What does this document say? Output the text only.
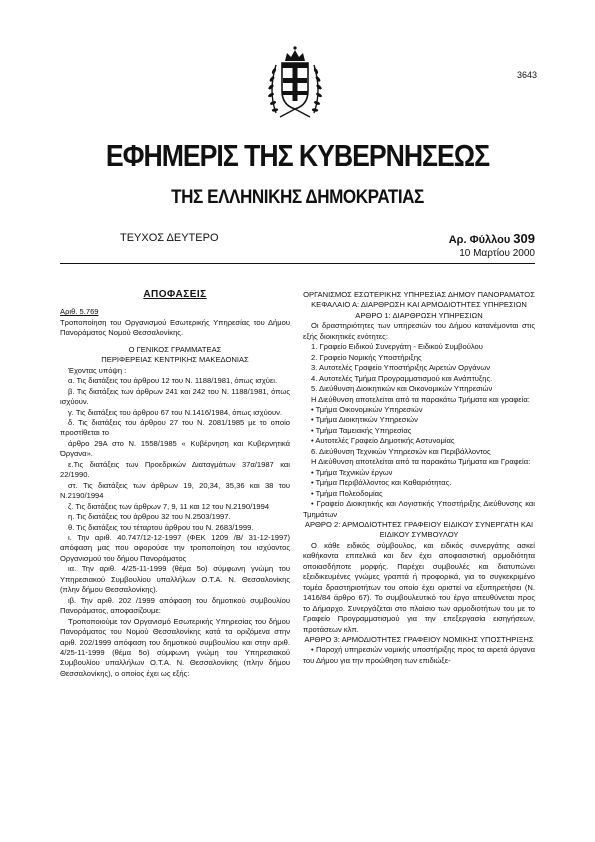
3643
ΕΦΗΜΕΡΙΣ ΤΗΣ ΚΥΒΕΡΝΗΣΕΩΣ
ΤΗΣ ΕΛΛΗΝΙΚΗΣ ΔΗΜΟΚΡΑΤΙΑΣ
ΤΕΥΧΟΣ ΔΕΥΤΕΡΟ	Αρ. Φύλλου 309
10 Μαρτίου 2000
ΑΠΟΦΑΣΕΙΣ

Αριθ. 5.769

Τροποποίηση του Οργανισμού Εσωτερικής Υπηρεσίας του Δήμου Πανοράματος Νομού Θεσσαλονίκης.

Ο ΓΕΝΙΚΟΣ ΓΡΑΜΜΑΤΕΑΣ

ΠΕΡΙΦΕΡΕΙΑΣ ΚΕΝΤΡΙΚΗΣ ΜΑΚΕΔΟΝΙΑΣ

Έχοντας υπόψη :

α. Τις διατάξεις του άρθρου 12 του Ν. 1188/1981, όπως ισχύει.

β. Τις διατάξεις των άρθρων 241 και 242 του Ν. 1188/1981, όπως ισχύουν.

γ. Τις διατάξεις του άρθρου 67 του Ν.1416/1984, όπως ισχύουν.

δ. Τις διατάξεις του άρθρου 27 του Ν. 2081/1985 με το οποίο προστίθεται το

άρθρο 29Α στο Ν. 1558/1985 « Κυβέρνηση και Κυβερνητικά Όργανα».

ε.Τις διατάξεις των Προεδρικών Διαταγμάτων 37α/1987 και 22/1990.

στ. Τις διατάξεις των άρθρων 19, 20,34, 35,36 και 38 του Ν.2190/1994

ζ. Τις διατάξεις των άρθρων 7, 9, 11 και 12 του Ν.2190/1994

η. Τις διατάξεις του άρθρου 32 του Ν.2503/1997.

θ. Τις διατάξεις του τέταρτου άρθρου του Ν. 2683/1999.

ι. Την αριθ. 40.747/12-12-1997 (ΦΕΚ 1209 /Β/ 31-12-1997) απόφαση μας που αφορούσε την τροποποίηση του ισχύοντος Οργανισμού του δήμου Πανοράματος

ια. Την αριθ. 4/25-11-1999 (θέμα 5ο) σύμφωνη γνώμη του Υπηρεσιακού Συμβουλίου υπαλλήλων Ο.Τ.Α. Ν. Θεσσαλονίκης (πλην δήμου Θεσσαλονίκης).

ιβ. Την αριθ. 202 /1999 απόφαση του δημοτικού συμβουλίου Πανοράματος, αποφασίζουμε:

Τροποποιούμε τον Οργανισμό Εσωτερικής Υπηρεσίας του δήμου Πανοράματος του Νομού Θεσσαλονίκης κατά τα οριζόμενα στην αριθ. 202/1999 απόφαση του δημοτικού συμβουλίου και στην αριθ. 4/25-11-1999 (θέμα 5ο) σύμφωνη γνώμη του Υπηρεσιακού Συμβουλίου υπαλλήλων Ο.Τ.Α. Ν. Θεσσαλονίκης (πλην δήμου Θεσσαλονίκης), ο οποίος έχει ως εξής:

ΟΡΓΑΝΙΣΜΟΣ ΕΣΩΤΕΡΙΚΗΣ ΥΠΗΡΕΣΙΑΣ ΔΗΜΟΥ ΠΑΝΟΡΑΜΑΤΟΣ

ΚΕΦΑΛΑΙΟ Α: ΔΙΑΡΘΡΩΣΗ ΚΑΙ ΑΡΜΟΔΙΟΤΗΤΕΣ ΥΠΗΡΕΣΙΩΝ

ΑΡΘΡΟ 1: ΔΙΑΡΘΡΩΣΗ ΥΠΗΡΕΣΙΩΝ

Οι δραστηριότητες των υπηρεσιών του Δήμου κατανέμονται στις εξής διοικητικές ενότητες:

1. Γραφείο Ειδικού Συνεργάτη - Ειδικού Συμβούλου

2. Γραφείο Νομικής Υποστήριξης

3. Αυτοτελές Γραφείο Υποστήριξης Αιρετών Οργάνων

4. Αυτοτελές Τμήμα Προγραμματισμού και Ανάπτυξης.

5. Διεύθυνση Διοικητικών και Οικονομικών Υπηρεσιών

Η Διεύθυνση αποτελείται από τα παρακάτω Τμήματα και γραφεία:

• Τμήμα Οικονομικών Υπηρεσιών

• Τμήμα Διοικητικών Υπηρεσιών

• Τμήμα Ταμειακής Υπηρεσίας

• Αυτοτελές Γραφείο Δημοτικής Αστυνομίας

6. Διεύθυνση Τεχνικών Υπηρεσιών και Περιβάλλοντος

Η Διεύθυνση αποτελείται από τα παρακάτω Τμήματα και Γραφεία:

• Τμήμα Τεχνικών έργων

• Τμήμα Περιβάλλοντος και Καθαριότητας.

• Τμήμα Πολεοδομίας

• Γραφείο Διοικητικής και Λογιστικής Υποστήριξης Διεύθυνσης και Τμημάτων

ΑΡΘΡΟ 2: ΑΡΜΟΔΙΟΤΗΤΕΣ ΓΡΑΦΕΙΟΥ ΕΙΔΙΚΟΥ ΣΥΝΕΡΓΑΤΗ ΚΑΙ ΕΙΔΙΚΟΥ ΣΥΜΒΟΥΛΟΥ

Ο κάθε ειδικός σύμβουλος, και ειδικός συνεργάτης ασκεί καθήκοντα επιτελικά και δεν έχει αποφασιστική αρμοδιότητα οποιασδήποτε μορφής. Παρέχει συμβουλές και διατυπώνει εξειδικευμένες γνώμες γραπτά ή προφορικά, για το συγκεκριμένο τομέα δραστηριοτήτων του οποίο έχει οριστεί να εξυπηρετήσει (Ν. 1416/84 άρθρο 67). Το συμβουλευτικό του έργο απευθύνεται προς το Δήμαρχο. Συνεργάζεται στο πλαίσιο των αρμοδιοτήτων του με το Γραφείο Προγραμματισμού για την επεξεργασία εισηγήσεων, προτάσεων κλπ.

ΑΡΘΡΟ 3: ΑΡΜΟΔΙΟΤΗΤΕΣ ΓΡΑΦΕΙΟΥ ΝΟΜΙΚΗΣ ΥΠΟΣΤΗΡΙΞΗΣ

• Παροχή υπηρεσιών νομικής υποστήριξης προς τα αιρετά όργανα του Δήμου για την προώθηση των επιδιώξε-
